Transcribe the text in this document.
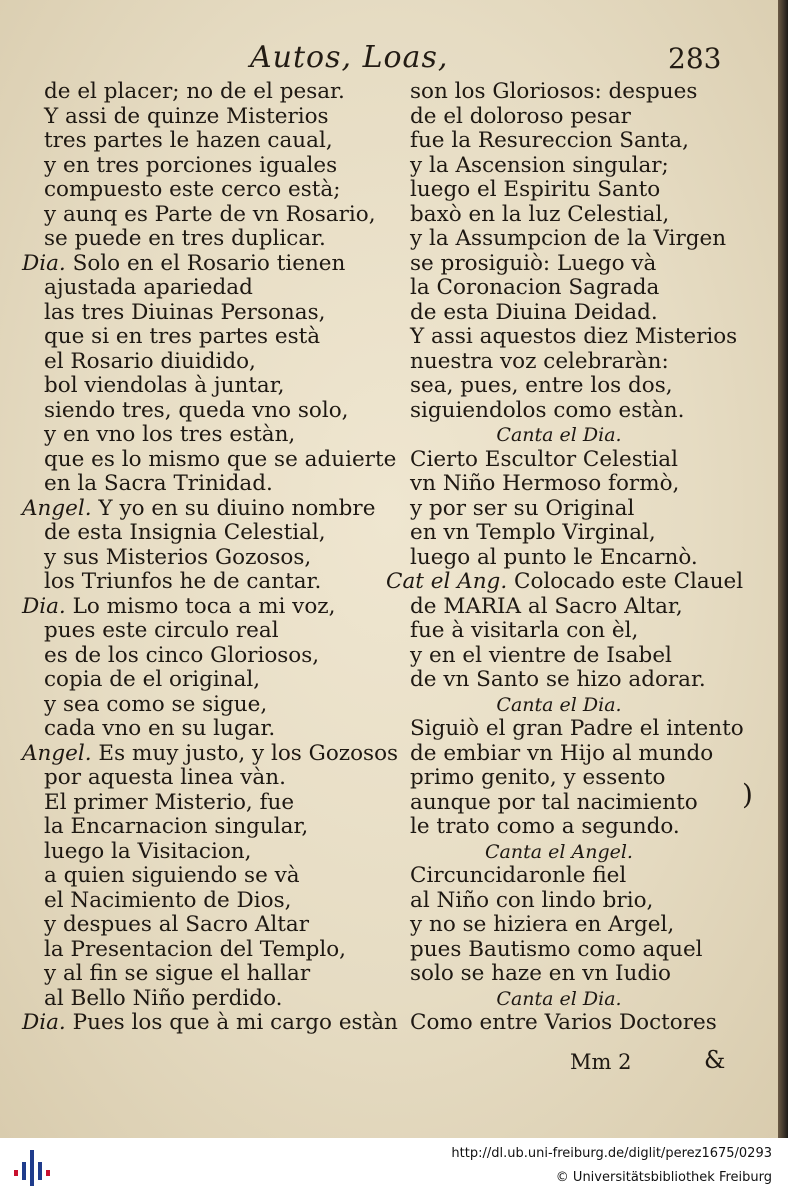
Autos, Loas,	283
de el placer; no de el pesar.
Y assi de quinze Misterios
tres partes le hazen caual,
y en tres porciones iguales
compuesto este cerco està;
y aunq es Parte de vn Rosario,
se puede en tres duplicar.
Dia. Solo en el Rosario tienen
ajustada apariedad
las tres Diuinas Personas,
que si en tres partes està
el Rosario diuidido,
bol viendolas à juntar,
siendo tres, queda vno solo,
y en vno los tres estàn,
que es lo mismo que se aduierte
en la Sacra Trinidad.
Angel. Y yo en su diuino nombre
de esta Insignia Celestial,
y sus Misterios Gozosos,
los Triunfos he de cantar.
Dia. Lo mismo toca a mi voz,
pues este circulo real
es de los cinco Gloriosos,
copia de el original,
y sea como se sigue,
cada vno en su lugar.
Angel. Es muy justo, y los Gozosos
por aquesta linea vàn.
El primer Misterio, fue
la Encarnacion singular,
luego la Visitacion,
a quien siguiendo se và
el Nacimiento de Dios,
y despues al Sacro Altar
la Presentacion del Templo,
y al fin se sigue el hallar
al Bello Niño perdido.
Dia. Pues los que à mi cargo estàn
son los Gloriosos: despues
de el doloroso pesar
fue la Resureccion Santa,
y la Ascension singular;
luego el Espiritu Santo
baxò en la luz Celestial,
y la Assumpcion de la Virgen
se prosiguiò: Luego và
la Coronacion Sagrada
de esta Diuina Deidad.
Y assi aquestos diez Misterios
nuestra voz celebraràn:
sea, pues, entre los dos,
siguiendolos como estàn.
Canta el Dia.
Cierto Escultor Celestial
vn Niño Hermoso formò,
y por ser su Original
en vn Templo Virginal,
luego al punto le Encarnò.
Cat el Ang. Colocado este Clauel
de MARIA al Sacro Altar,
fue à visitarla con èl,
y en el vientre de Isabel
de vn Santo se hizo adorar.
Canta el Dia.
Siguiò el gran Padre el intento
de embiar vn Hijo al mundo
primo genito, y essento
aunque por tal nacimiento
le trato como a segundo.
Canta el Angel.
Circuncidaronle fiel
al Niño con lindo brio,
y no se hiziera en Argel,
pues Bautismo como aquel
solo se haze en vn Iudio
Canta el Dia.
Como entre Varios Doctores
)
Mm 2	&
http://dl.ub.uni-freiburg.de/diglit/perez1675/0293
© Universitätsbibliothek Freiburg
